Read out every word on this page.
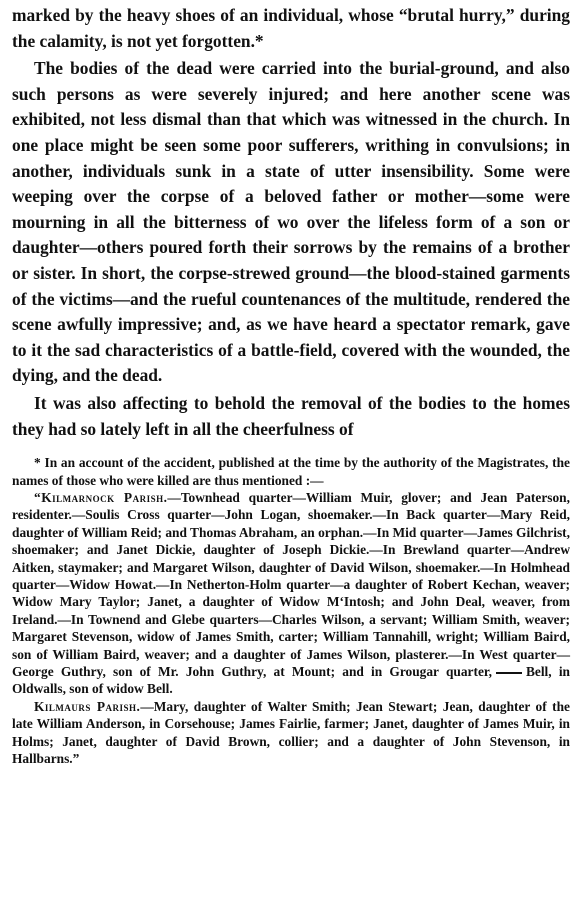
marked by the heavy shoes of an individual, whose “brutal hurry,” during the calamity, is not yet forgotten.*

The bodies of the dead were carried into the burial-ground, and also such persons as were severely injured; and here another scene was exhibited, not less dismal than that which was witnessed in the church. In one place might be seen some poor sufferers, writhing in convulsions; in another, individuals sunk in a state of utter insensibility. Some were weeping over the corpse of a beloved father or mother—some were mourning in all the bitterness of wo over the lifeless form of a son or daughter—others poured forth their sorrows by the remains of a brother or sister. In short, the corpse-strewed ground—the blood-stained garments of the victims—and the rueful countenances of the multitude, rendered the scene awfully impressive; and, as we have heard a spectator remark, gave to it the sad characteristics of a battle-field, covered with the wounded, the dying, and the dead.

It was also affecting to behold the removal of the bodies to the homes they had so lately left in all the cheerfulness of

* In an account of the accident, published at the time by the authority of the Magistrates, the names of those who were killed are thus mentioned :—

“Kilmarnock Parish.—Townhead quarter—William Muir, glover; and Jean Paterson, residenter.—Soulis Cross quarter—John Logan, shoemaker.—In Back quarter—Mary Reid, daughter of William Reid; and Thomas Abraham, an orphan.—In Mid quarter—James Gilchrist, shoemaker; and Janet Dickie, daughter of Joseph Dickie.—In Brewland quarter—Andrew Aitken, staymaker; and Margaret Wilson, daughter of David Wilson, shoemaker.—In Holmhead quarter—Widow Howat.—In Netherton-Holm quarter—a daughter of Robert Kechan, weaver; Widow Mary Taylor; Janet, a daughter of Widow M‘Intosh; and John Deal, weaver, from Ireland.—In Townend and Glebe quarters—Charles Wilson, a servant; William Smith, weaver; Margaret Stevenson, widow of James Smith, carter; William Tannahill, wright; William Baird, son of William Baird, weaver; and a daughter of James Wilson, plasterer.—In West quarter—George Guthry, son of Mr. John Guthry, at Mount; and in Grougar quarter,	Bell, in Oldwalls, son of widow Bell.

Kilmaurs Parish.—Mary, daughter of Walter Smith; Jean Stewart; Jean, daughter of the late William Anderson, in Corsehouse; James Fairlie, farmer; Janet, daughter of James Muir, in Holms; Janet, daughter of David Brown, collier; and a daughter of John Stevenson, in Hallbarns.”
